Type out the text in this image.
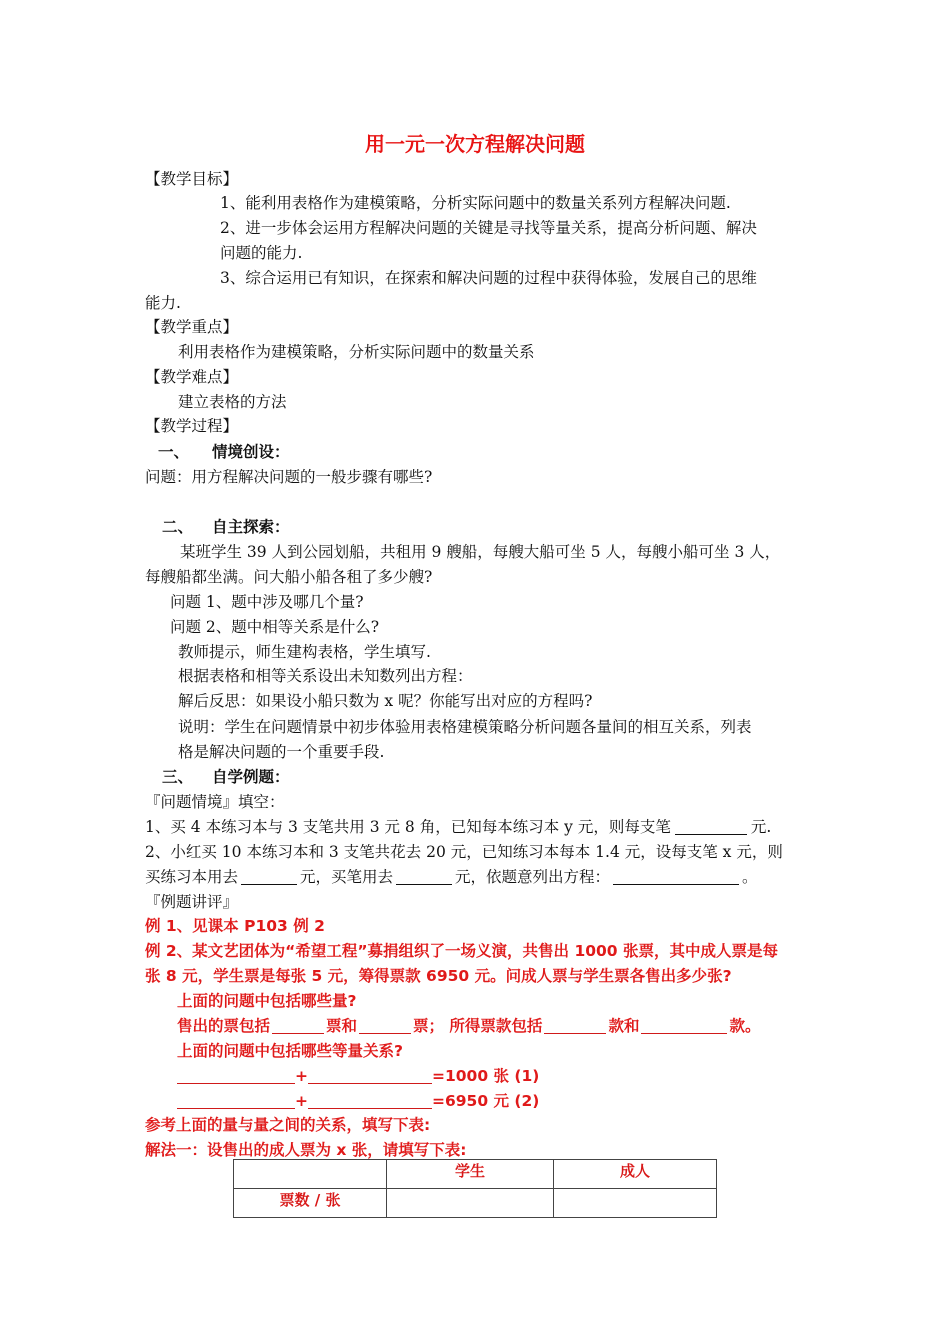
用一元一次方程解决问题
【教学目标】
1、能利用表格作为建模策略，分析实际问题中的数量关系列方程解决问题.
2、进一步体会运用方程解决问题的关键是寻找等量关系，提高分析问题、解决
问题的能力.
3、综合运用已有知识，在探索和解决问题的过程中获得体验，发展自己的思维
能力.
【教学重点】
利用表格作为建模策略，分析实际问题中的数量关系
【教学难点】
建立表格的方法
【教学过程】
一、 情境创设：
问题：用方程解决问题的一般步骤有哪些?
二、 自主探索：
某班学生 39 人到公园划船，共租用 9 艘船，每艘大船可坐 5 人，每艘小船可坐 3 人，
每艘船都坐满。问大船小船各租了多少艘?
问题 1、题中涉及哪几个量?
问题 2、题中相等关系是什么?
教师提示，师生建构表格，学生填写.
根据表格和相等关系设出未知数列出方程：
解后反思：如果设小船只数为 x 呢？你能写出对应的方程吗?
说明：学生在问题情景中初步体验用表格建模策略分析问题各量间的相互关系，列表
格是解决问题的一个重要手段.
三、 自学例题：
『问题情境』填空：
1、买 4 本练习本与 3 支笔共用 3 元 8 角，已知每本练习本 y 元，则每支笔	元.
2、小红买 10 本练习本和 3 支笔共花去 20 元，已知练习本每本 1.4 元，设每支笔 x 元，则
买练习本用去	元，买笔用去	元，依题意列出方程：	。
『例题讲评』
例 1、见课本 P103 例 2
例 2、某文艺团体为“希望工程”募捐组织了一场义演，共售出 1000 张票，其中成人票是每
张 8 元，学生票是每张 5 元，筹得票款 6950 元。问成人票与学生票各售出多少张?
上面的问题中包括哪些量?
售出的票包括	票和	票； 所得票款包括	款和	款。
上面的问题中包括哪些等量关系?
+	=1000 张 (1)
+	=6950 元 (2)
参考上面的量与量之间的关系，填写下表:
解法一：设售出的成人票为 x 张，请填写下表:
	学生	成人
票数 / 张		
